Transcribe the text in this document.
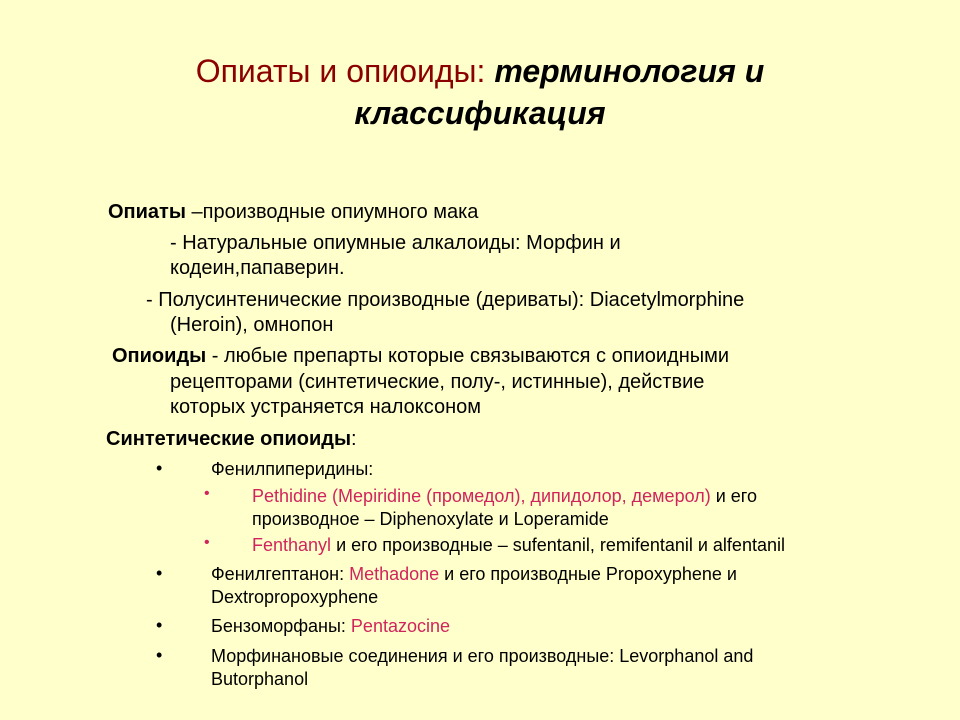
Опиаты и опиоиды: терминология и
классификация
Опиаты –производные опиумного мака
- Натуральные опиумные алкалоиды: Морфин и
кодеин,папаверин.
- Полусинтенические производные (дериваты): Diacetylmorphine
(Heroin), омнопон
Опиоиды - любые препарты которые связываются с опиоидными
рецепторами (синтетические, полу-, истинные), действие
которых устраняется налоксоном
Синтетические опиоиды:
•	Фенилпиперидины:
• Pethidine (Mepiridine (промедол), дипидолор, демерол) и его
производное – Diphenoxylate и Loperamide
• Fenthanyl и его производные – sufentanil, remifentanil и alfentanil
•	Фенилгептанон: Methadone и его производные Propoxyphene и
Dextropropoxyphene
•	Бензоморфаны: Pentazocine
•	Морфинановые соединения и его производные: Levorphanol and
Butorphanol
